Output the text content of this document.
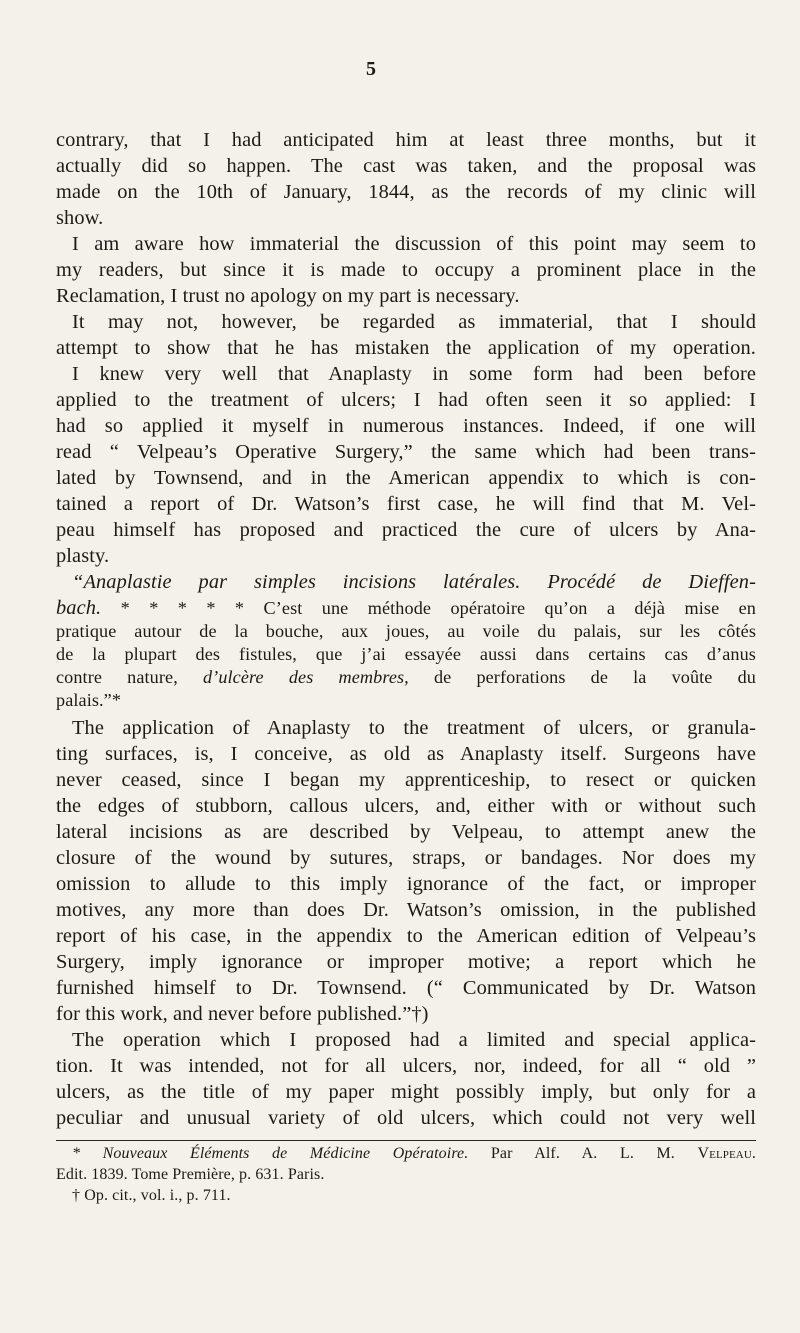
5
contrary, that I had anticipated him at least three months, but it
actually did so happen. The cast was taken, and the proposal was
made on the 10th of January, 1844, as the records of my clinic will
show.
I am aware how immaterial the discussion of this point may seem to
my readers, but since it is made to occupy a prominent place in the
Reclamation, I trust no apology on my part is necessary.
It may not, however, be regarded as immaterial, that I should
attempt to show that he has mistaken the application of my operation.
I knew very well that Anaplasty in some form had been before
applied to the treatment of ulcers; I had often seen it so applied: I
had so applied it myself in numerous instances. Indeed, if one will
read “ Velpeau’s Operative Surgery,” the same which had been trans-
lated by Townsend, and in the American appendix to which is con-
tained a report of Dr. Watson’s first case, he will find that M. Vel-
peau himself has proposed and practiced the cure of ulcers by Ana-
plasty.
“Anaplastie par simples incisions latérales. Procédé de Dieffen-
bach. * * * * * C’est une méthode opératoire qu’on a déjà mise en
pratique autour de la bouche, aux joues, au voile du palais, sur les côtés
de la plupart des fistules, que j’ai essayée aussi dans certains cas d’anus
contre nature, d’ulcère des membres, de perforations de la voûte du
palais.”*
The application of Anaplasty to the treatment of ulcers, or granula-
ting surfaces, is, I conceive, as old as Anaplasty itself. Surgeons have
never ceased, since I began my apprenticeship, to resect or quicken
the edges of stubborn, callous ulcers, and, either with or without such
lateral incisions as are described by Velpeau, to attempt anew the
closure of the wound by sutures, straps, or bandages. Nor does my
omission to allude to this imply ignorance of the fact, or improper
motives, any more than does Dr. Watson’s omission, in the published
report of his case, in the appendix to the American edition of Velpeau’s
Surgery, imply ignorance or improper motive; a report which he
furnished himself to Dr. Townsend. (“ Communicated by Dr. Watson
for this work, and never before published.”†)
The operation which I proposed had a limited and special applica-
tion. It was intended, not for all ulcers, nor, indeed, for all “ old ”
ulcers, as the title of my paper might possibly imply, but only for a
peculiar and unusual variety of old ulcers, which could not very well
* Nouveaux Éléments de Médicine Opératoire. Par Alf. A. L. M. Velpeau.
Edit. 1839. Tome Première, p. 631. Paris.
† Op. cit., vol. i., p. 711.
